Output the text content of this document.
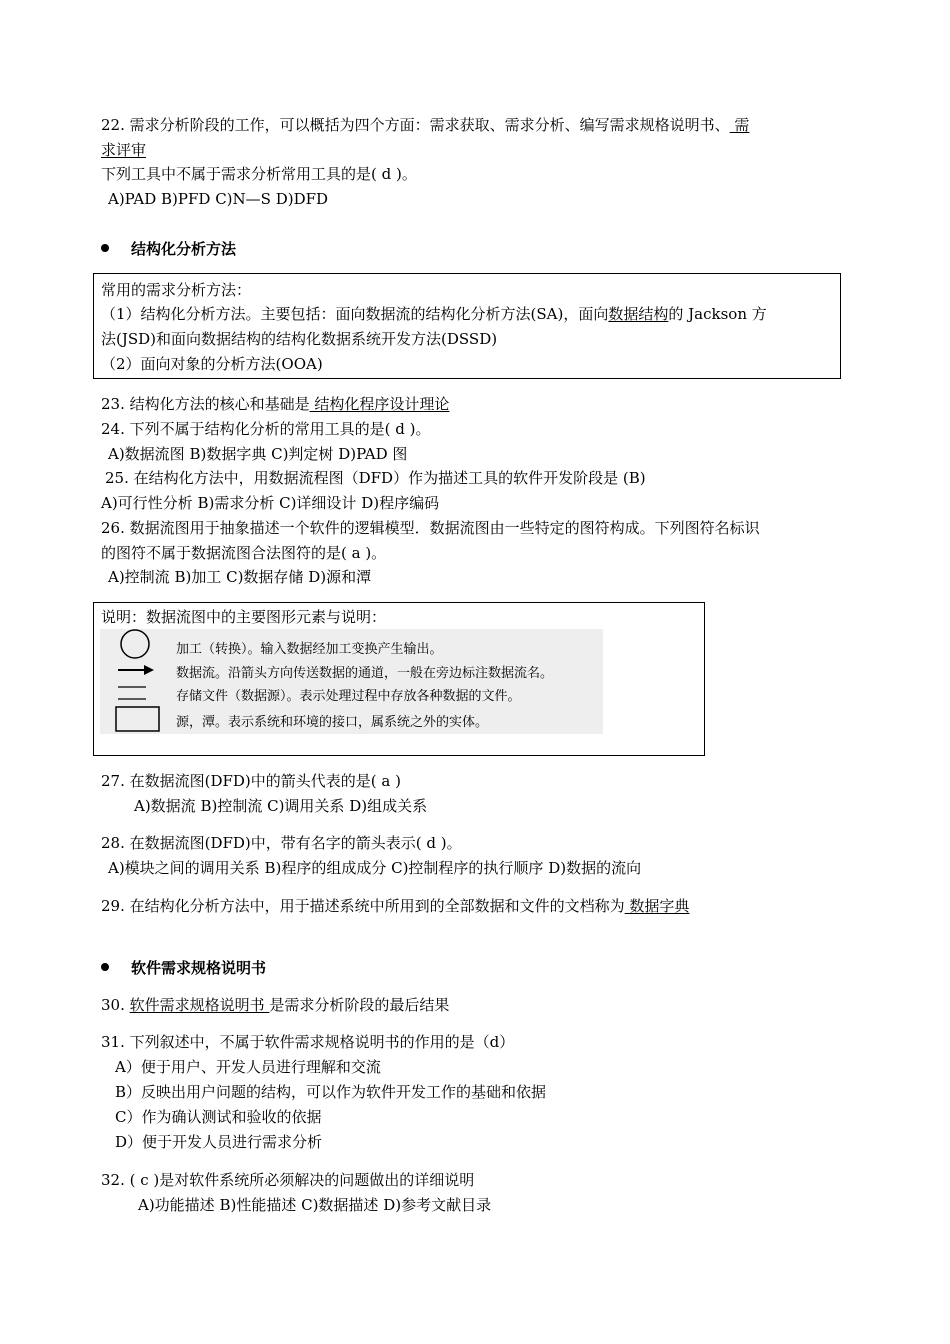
22. 需求分析阶段的工作，可以概括为四个方面：需求获取、需求分析、编写需求规格说明书、 需
求评审
下列工具中不属于需求分析常用工具的是( d )。
A)PAD B)PFD C)N—S D)DFD
结构化分析方法
常用的需求分析方法：
（1）结构化分析方法。主要包括：面向数据流的结构化分析方法(SA)，面向数据结构的 Jackson 方
法(JSD)和面向数据结构的结构化数据系统开发方法(DSSD)
（2）面向对象的分析方法(OOA)
23. 结构化方法的核心和基础是 结构化程序设计理论
24. 下列不属于结构化分析的常用工具的是( d )。
A)数据流图 B)数据字典 C)判定树 D)PAD 图
25. 在结构化方法中，用数据流程图（DFD）作为描述工具的软件开发阶段是 (B)
A)可行性分析 B)需求分析 C)详细设计 D)程序编码
26. 数据流图用于抽象描述一个软件的逻辑模型．数据流图由一些特定的图符构成。下列图符名标识
的图符不属于数据流图合法图符的是( a )。
A)控制流 B)加工 C)数据存储 D)源和潭
说明：数据流图中的主要图形元素与说明：
加工（转换）。输入数据经加工变换产生输出。
数据流。沿箭头方向传送数据的通道，一般在旁边标注数据流名。
存储文件（数据源）。表示处理过程中存放各种数据的文件。
源，潭。表示系统和环境的接口，属系统之外的实体。
27. 在数据流图(DFD)中的箭头代表的是( a )
A)数据流 B)控制流 C)调用关系 D)组成关系
28. 在数据流图(DFD)中，带有名字的箭头表示( d )。
A)模块之间的调用关系 B)程序的组成成分 C)控制程序的执行顺序 D)数据的流向
29. 在结构化分析方法中，用于描述系统中所用到的全部数据和文件的文档称为 数据字典
软件需求规格说明书
30. 软件需求规格说明书 是需求分析阶段的最后结果
31. 下列叙述中，不属于软件需求规格说明书的作用的是（d）
A）便于用户、开发人员进行理解和交流
B）反映出用户问题的结构，可以作为软件开发工作的基础和依据
C）作为确认测试和验收的依据
D）便于开发人员进行需求分析
32. ( c )是对软件系统所必须解决的问题做出的详细说明
A)功能描述 B)性能描述 C)数据描述 D)参考文献目录
